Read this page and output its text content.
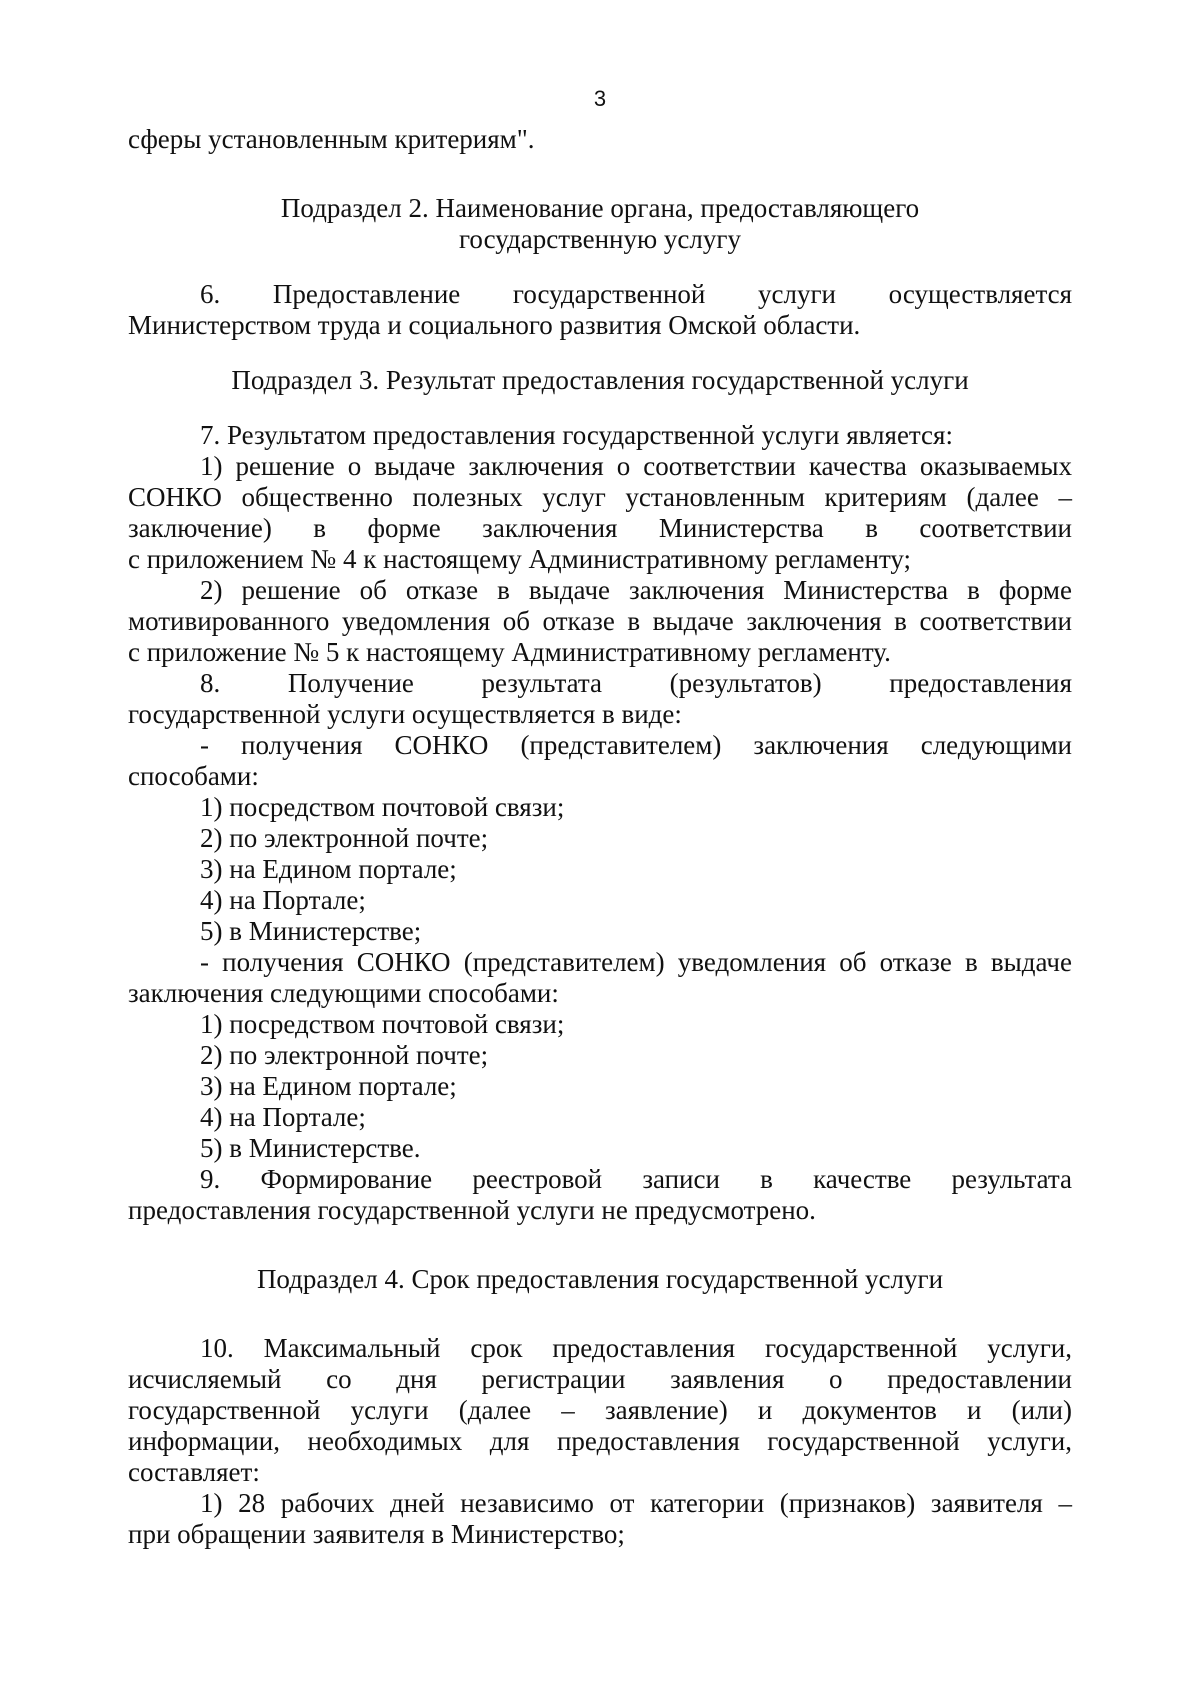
3

сферы установленным критериям".

Подраздел 2. Наименование органа, предоставляющего

государственную услугу

6. Предоставление государственной услуги осуществляется

Министерством труда и социального развития Омской области.

Подраздел 3. Результат предоставления государственной услуги

7. Результатом предоставления государственной услуги является:

1) решение о выдаче заключения о соответствии качества оказываемых

СОНКО общественно полезных услуг установленным критериям (далее –

заключение) в форме заключения Министерства в соответствии

с приложением № 4 к настоящему Административному регламенту;

2) решение об отказе в выдаче заключения Министерства в форме

мотивированного уведомления об отказе в выдаче заключения в соответствии

с приложение № 5 к настоящему Административному регламенту.

8. Получение результата (результатов) предоставления

государственной услуги осуществляется в виде:

- получения СОНКО (представителем) заключения следующими

способами:

1) посредством почтовой связи;

2) по электронной почте;

3) на Едином портале;

4) на Портале;

5) в Министерстве;

- получения СОНКО (представителем) уведомления об отказе в выдаче

заключения следующими способами:

1) посредством почтовой связи;

2) по электронной почте;

3) на Едином портале;

4) на Портале;

5) в Министерстве.

9. Формирование реестровой записи в качестве результата

предоставления государственной услуги не предусмотрено.

Подраздел 4. Срок предоставления государственной услуги

10. Максимальный срок предоставления государственной услуги,

исчисляемый со дня регистрации заявления о предоставлении

государственной услуги (далее – заявление) и документов и (или)

информации, необходимых для предоставления государственной услуги,

составляет:

1) 28 рабочих дней независимо от категории (признаков) заявителя –

при обращении заявителя в Министерство;
